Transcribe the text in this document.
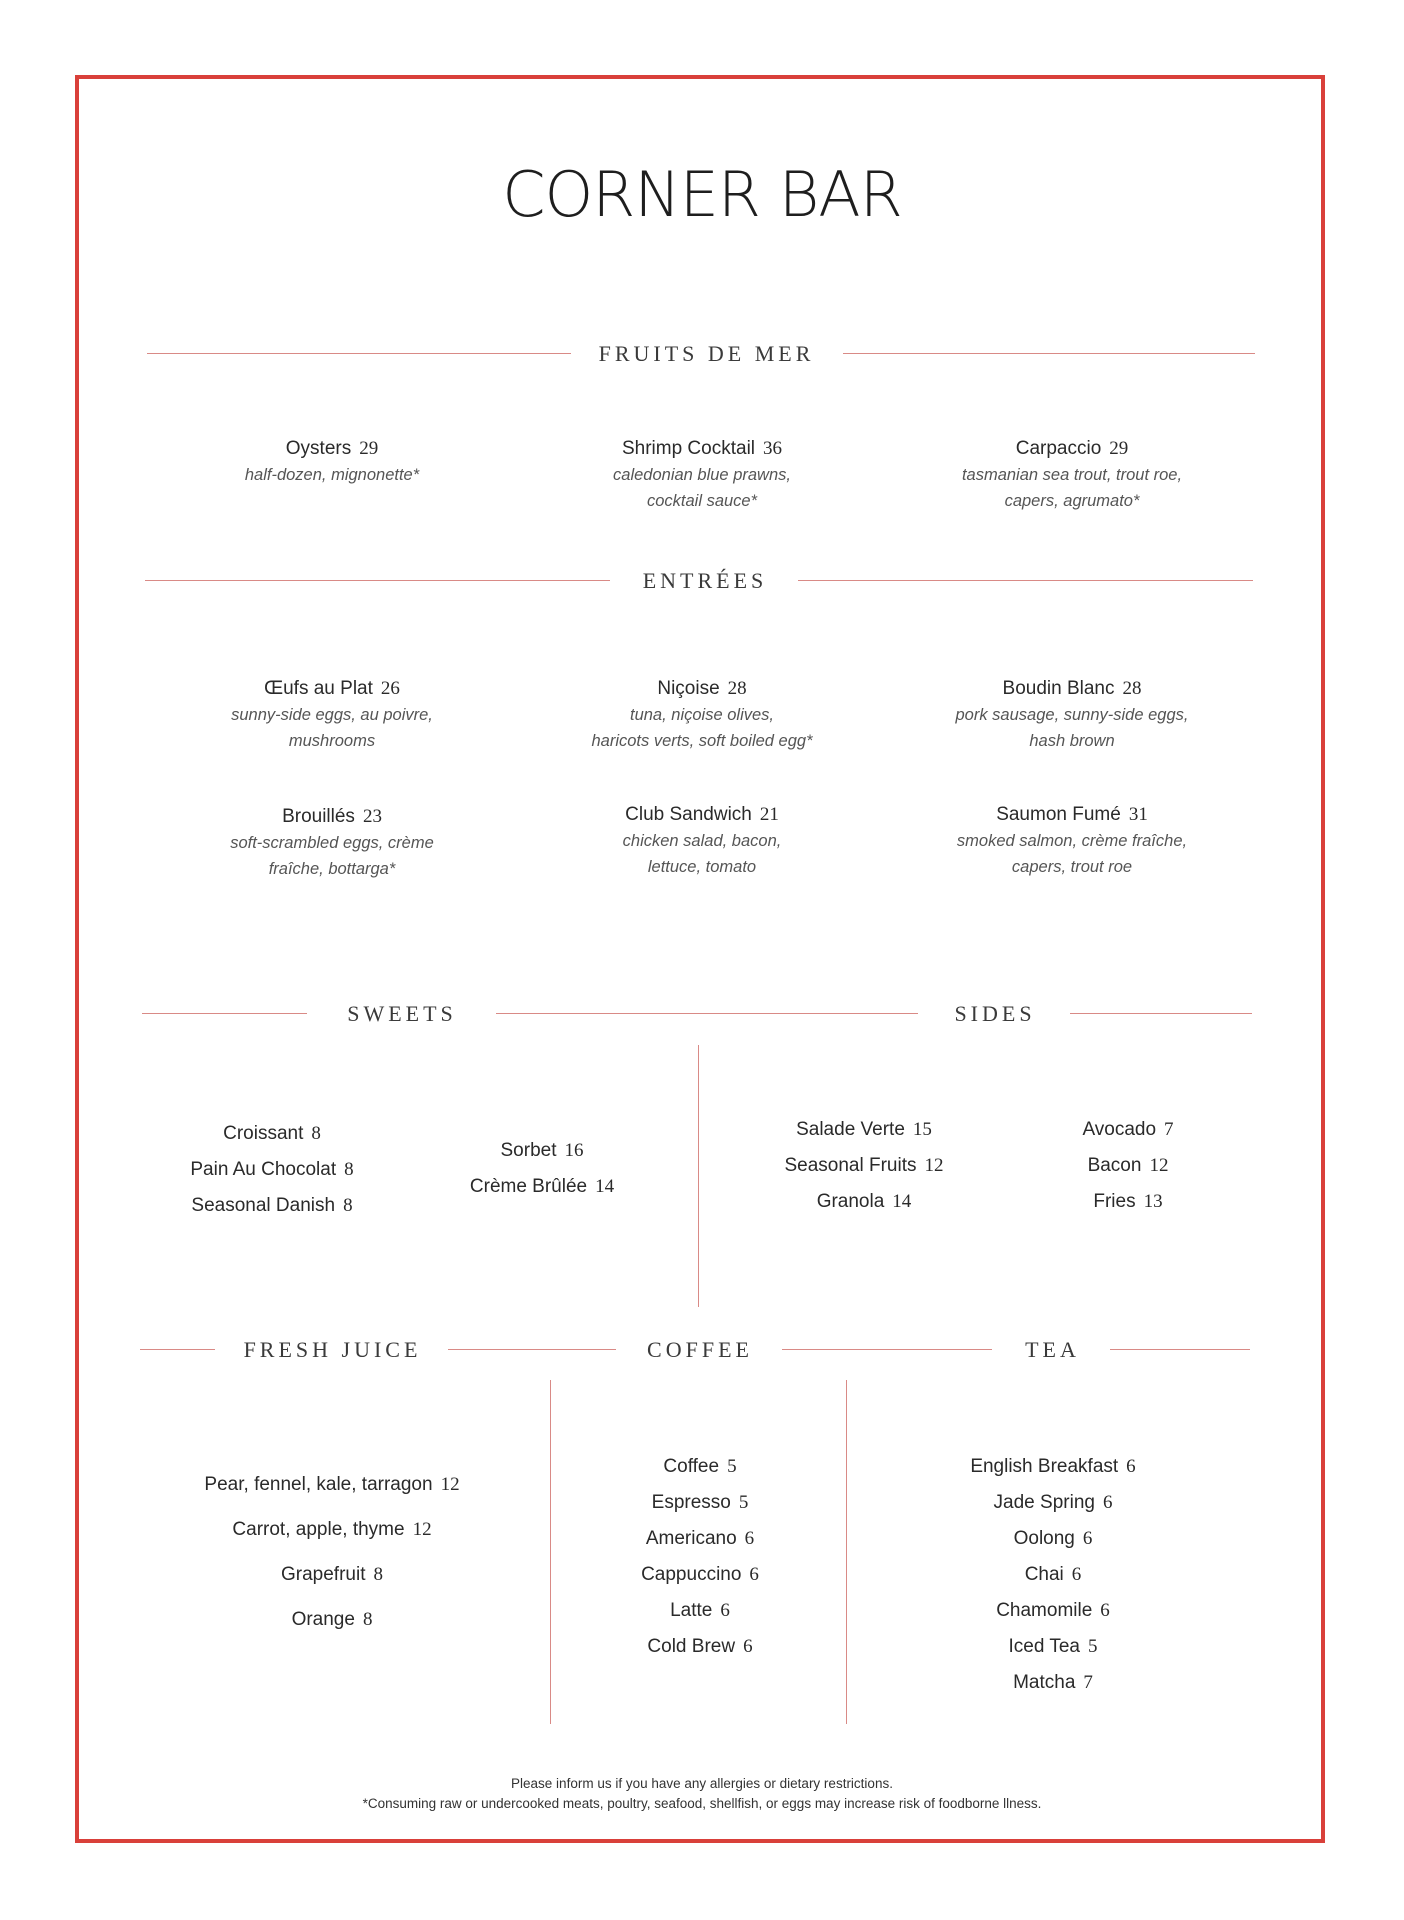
CORNER BAR
FRUITS DE MER
Oysters 29
half-dozen, mignonette*
Shrimp Cocktail 36
caledonian blue prawns,
cocktail sauce*
Carpaccio 29
tasmanian sea trout, trout roe,
capers, agrumato*
ENTRÉES
Œufs au Plat 26
sunny-side eggs, au poivre,
mushrooms
Niçoise 28
tuna, niçoise olives,
haricots verts, soft boiled egg*
Boudin Blanc 28
pork sausage, sunny-side eggs,
hash brown
Brouillés 23
soft-scrambled eggs, crème
fraîche, bottarga*
Club Sandwich 21
chicken salad, bacon,
lettuce, tomato
Saumon Fumé 31
smoked salmon, crème fraîche,
capers, trout roe
SWEETS	SIDES
Croissant 8
Pain Au Chocolat 8
Seasonal Danish 8
Sorbet 16
Crème Brûlée 14
Salade Verte 15
Seasonal Fruits 12
Granola 14
Avocado 7
Bacon 12
Fries 13
FRESH JUICE	COFFEE	TEA
Pear, fennel, kale, tarragon 12
Carrot, apple, thyme 12
Grapefruit 8
Orange 8
Coffee 5
Espresso 5
Americano 6
Cappuccino 6
Latte 6
Cold Brew 6
English Breakfast 6
Jade Spring 6
Oolong 6
Chai 6
Chamomile 6
Iced Tea 5
Matcha 7
Please inform us if you have any allergies or dietary restrictions.
*Consuming raw or undercooked meats, poultry, seafood, shellfish, or eggs may increase risk of foodborne llness.
